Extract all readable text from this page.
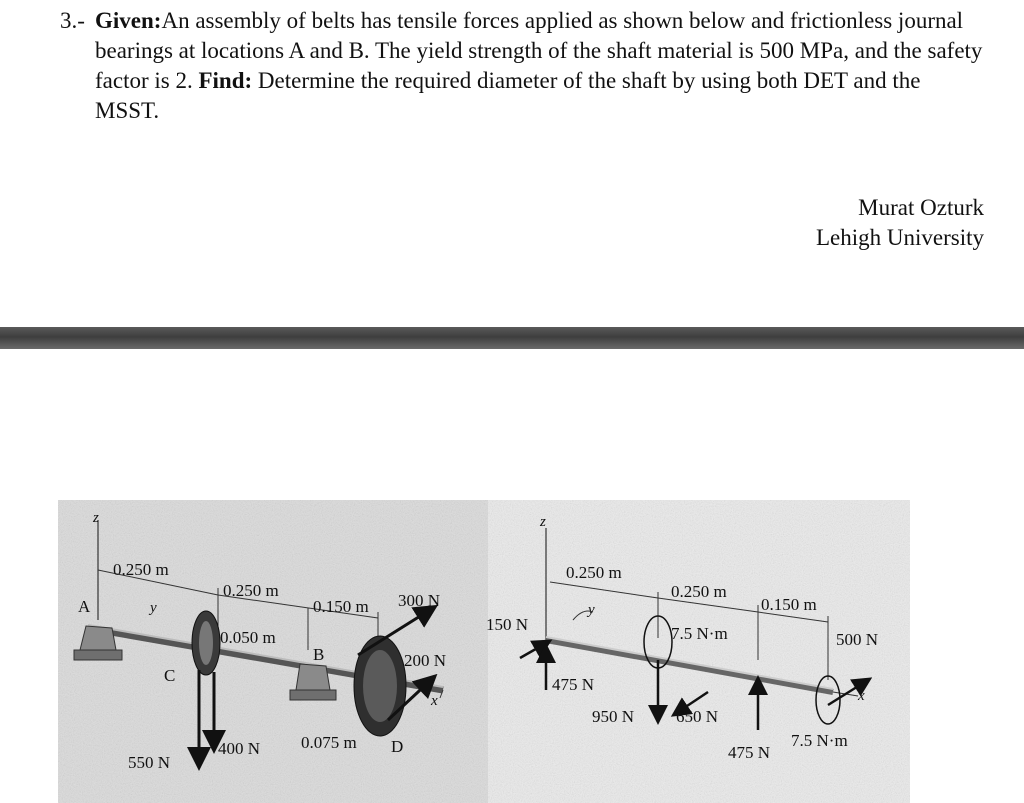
3.- Given:An assembly of belts has tensile forces applied as shown below and frictionless journal bearings at locations A and B. The yield strength of the shaft material is 500 MPa, and the safety factor is 2. Find: Determine the required diameter of the shaft by using both DET and the MSST.
Murat Ozturk
Lehigh University
z
0.250 m
0.250 m
0.150 m
0.050 m
0.075 m
A	y
C
B
D
x
300 N
200 N
550 N
400 N
z
y
0.250 m
0.250 m
0.150 m
x
150 N
475 N
950 N 650 N
475 N
500 N
7.5 N·m
7.5 N·m
